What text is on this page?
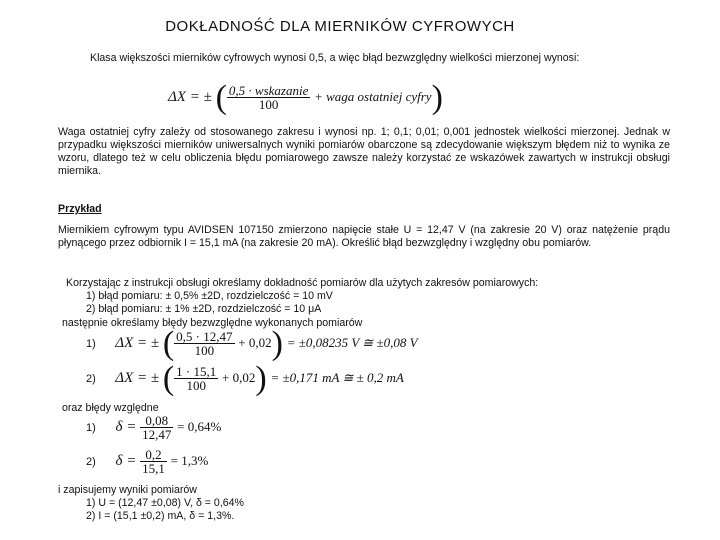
DOKŁADNOŚĆ DLA MIERNIKÓW CYFROWYCH
Klasa większości mierników cyfrowych wynosi 0,5, a więc błąd bezwzględny wielkości mierzonej wynosi:
ΔX = ± ( $\frac{\text{0,5 · wskazanie}}{100}$ + waga ostatniej cyfry)
Waga ostatniej cyfry zależy od stosowanego zakresu i wynosi np. 1; 0,1; 0,01; 0,001 jednostek wielkości mierzonej. Jednak w przypadku większości mierników uniwersalnych wyniki pomiarów obarczone są zdecydowanie większym błędem niż to wynika ze wzoru, dlatego też w celu obliczenia błędu pomiarowego zawsze należy korzystać ze wskazówek zawartych w instrukcji obsługi miernika.
Przykład
Miernikiem cyfrowym typu AVIDSEN 107150 zmierzono napięcie stałe U = 12,47 V (na zakresie 20 V) oraz natężenie prądu płynącego przez odbiornik I = 15,1 mA (na zakresie 20 mA). Określić błąd bezwzględny i względny obu pomiarów.
Korzystając z instrukcji obsługi określamy dokładność pomiarów dla użytych zakresów pomiarowych:
1) błąd pomiaru: ± 0,5% ±2D, rozdzielczość = 10 mV
2) błąd pomiaru: ± 1% ±2D, rozdzielczość = 10 μA
następnie określamy błędy bezwzględne wykonanych pomiarów
1) ΔX = ± ( $\frac{0,5 \cdot 12,47}{100} + 0,02) = \pm 0,08235$ V ≅ ±0,08 V
2) ΔX = ± ( $\frac{1 \cdot 15,1}{100} + 0,02) = \pm 0,171$ mA ≅ ± 0,2 mA
oraz błędy względne
1) $\delta = \frac{0,08}{12,47} = 0,64\%$
2) $\delta = \frac{0,2}{15,1} = 1,3\%$
i zapisujemy wyniki pomiarów
1) U = (12,47 ±0,08) V, δ = 0,64%
2) I = (15,1 ±0,2) mA, δ = 1,3%.
